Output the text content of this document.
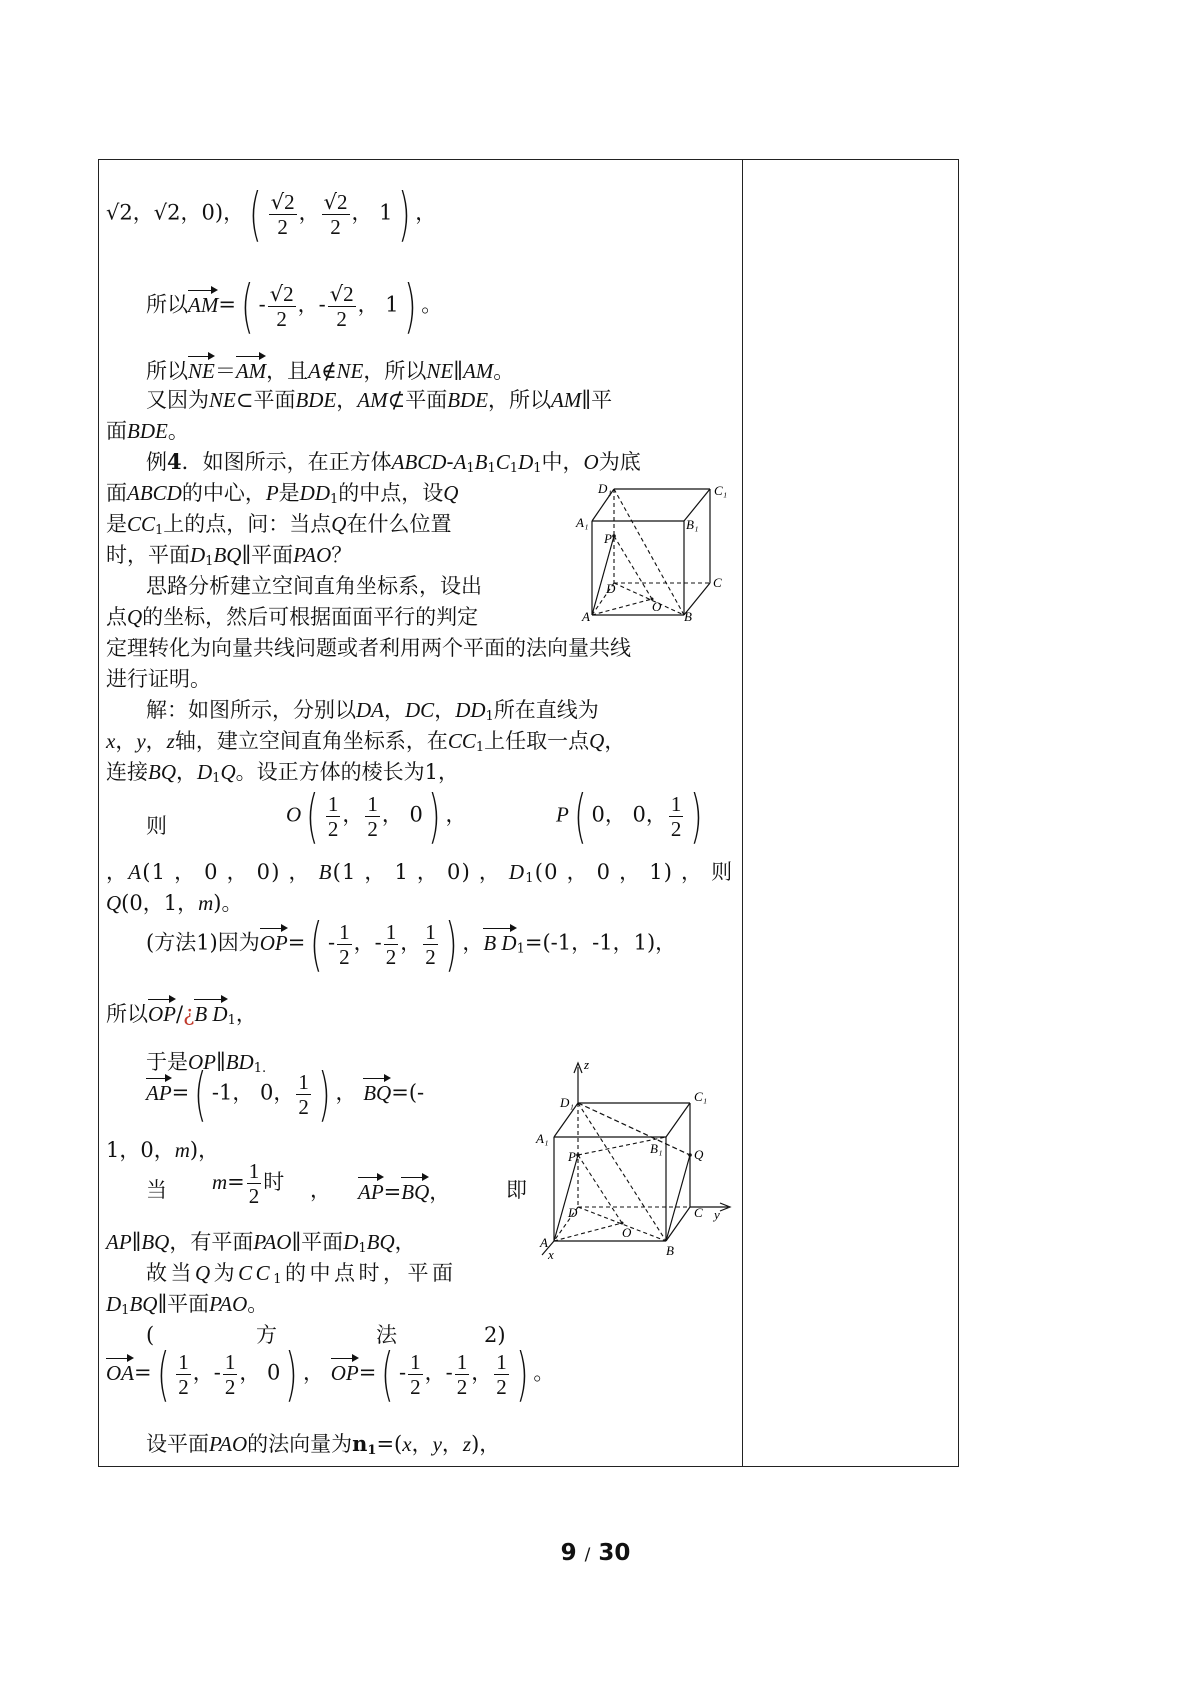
√2，√2，0)，( $\frac{√2}{2}$ ， $\frac{√2}{2}$ ， 1) ，
所以$AM=( - \frac{√2}{2}$ ，- $\frac{√2}{2}$ ， 1) 。
所以NE＝AM，且A∉NE，所以NE∥AM。
又因为NE⊂平面BDE，AM⊄平面BDE，所以AM∥平
面BDE。
例4．如图所示，在正方体ABCD-$A_1B_1C_1D_1$中，O为底
面ABCD的中心，P是$DD_1$的中点，设Q
是$CC_1$上的点，问：当点Q在什么位置
时，平面$D_1BQ\parallel$平面PAO？
思路分析建立空间直角坐标系，设出
点Q的坐标，然后可根据面面平行的判定
定理转化为向量共线问题或者利用两个平面的法向量共线
进行证明。
解：如图所示，分别以DA，DC，$DD_1$所在直线为
x，y，z轴，建立空间直角坐标系，在$CC_1$上任取一点Q，
连接BQ，$D_1Q$。设正方体的棱长为1，
则	$O( \frac{1}{2}$ ， $\frac{1}{2}$ ， 0) ，	P( 0， 0， $\frac{1}{2}$ )
，A(1 ， 0 ， 0) ， B(1 ， 1 ， 0) ， $D_1(0$ ， 0 ， 1) ， 则
Q(0，1，m)。
(方法1)因为$OP=( - \frac{1}{2}$ ，- $\frac{1}{2}$ ， $\frac{1}{2}$ ) ，B $D_1=(-1$，-1，1)，
所以OP/¿B $D_1$，
于是$OP\parallel BD_{1.}$
AP=( -1， 0， $\frac{1}{2}$ ) ， BQ=(-
1，0，m)，
当 $m= \frac{1}{2}$ 时 ， AP=BQ，	即
AP∥BQ，有平面PAO∥平面$D_1BQ$，
故当Q为$CC_1$的中点时，平面
$D_1BQ\parallel$平面PAO。
(	方	法	2)
$OA=( \frac{1}{2}$ ，- $\frac{1}{2}$ ， 0) ， $OP=( - \frac{1}{2}$ ，- $\frac{1}{2}$ ， $\frac{1}{2}$ ) 。
设平面PAO的法向量为$n_1=(x$，y，z)，
D₁	C₁
A₁	B₁
P
D	C
O
A	B
z
D₁	C₁
A₁
B₁
P	Q
D	C y
O
A
B
x
9 / 30
